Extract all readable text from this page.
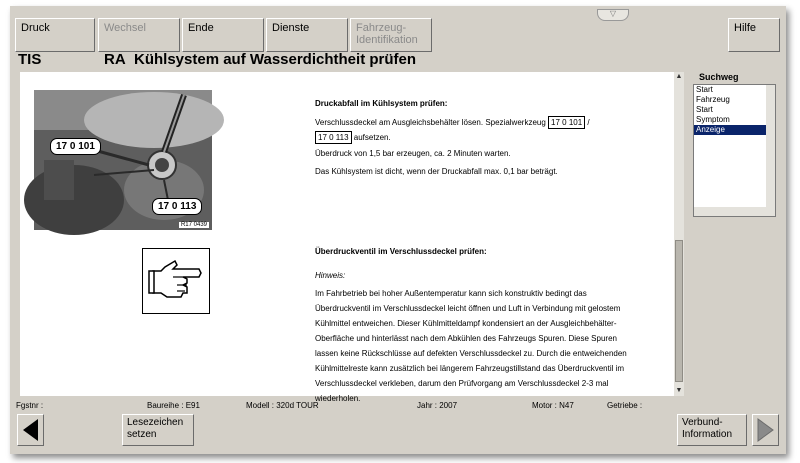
Druck	Wechsel	Ende	Dienste	Fahrzeug-
Identifikation
▽
Hilfe
TIS	RA Kühlsystem auf Wasserdichtheit prüfen
17 0 101
17 0 113
R17 0439
Druckabfall im Kühlsystem prüfen:
Verschlussdeckel am Ausgleichsbehälter lösen. Spezialwerkzeug 17 0 101 /
17 0 113 aufsetzen.
Überdruck von 1,5 bar erzeugen, ca. 2 Minuten warten.
Das Kühlsystem ist dicht, wenn der Druckabfall max. 0,1 bar beträgt.
Überdruckventil im Verschlussdeckel prüfen:
Hinweis:
Im Fahrbetrieb bei hoher Außentemperatur kann sich konstruktiv bedingt das
Überdruckventil im Verschlussdeckel leicht öffnen und Luft in Verbindung mit gelostem
Kühlmittel entweichen. Dieser Kühlmitteldampf kondensiert an der Ausgleichbehälter-
Oberfläche und hinterlässt nach dem Abkühlen des Fahrzeugs Spuren. Diese Spuren
lassen keine Rückschlüsse auf defekten Verschlussdeckel zu. Durch die entweichenden
Kühlmittelreste kann zusätzlich bei längerem Fahrzeugstillstand das Überdruckventil im
Verschlussdeckel verkleben, darum den Prüfvorgang am Verschlussdeckel 2-3 mal
wiederholen.
▲
▼
Suchweg
Start
Fahrzeug
Start
Symptom
Anzeige
Fgstnr :	Baureihe : E91	Modell : 320d TOUR	Jahr : 2007	Motor : N47	Getriebe :
Lesezeichen
setzen
Verbund-
Information
